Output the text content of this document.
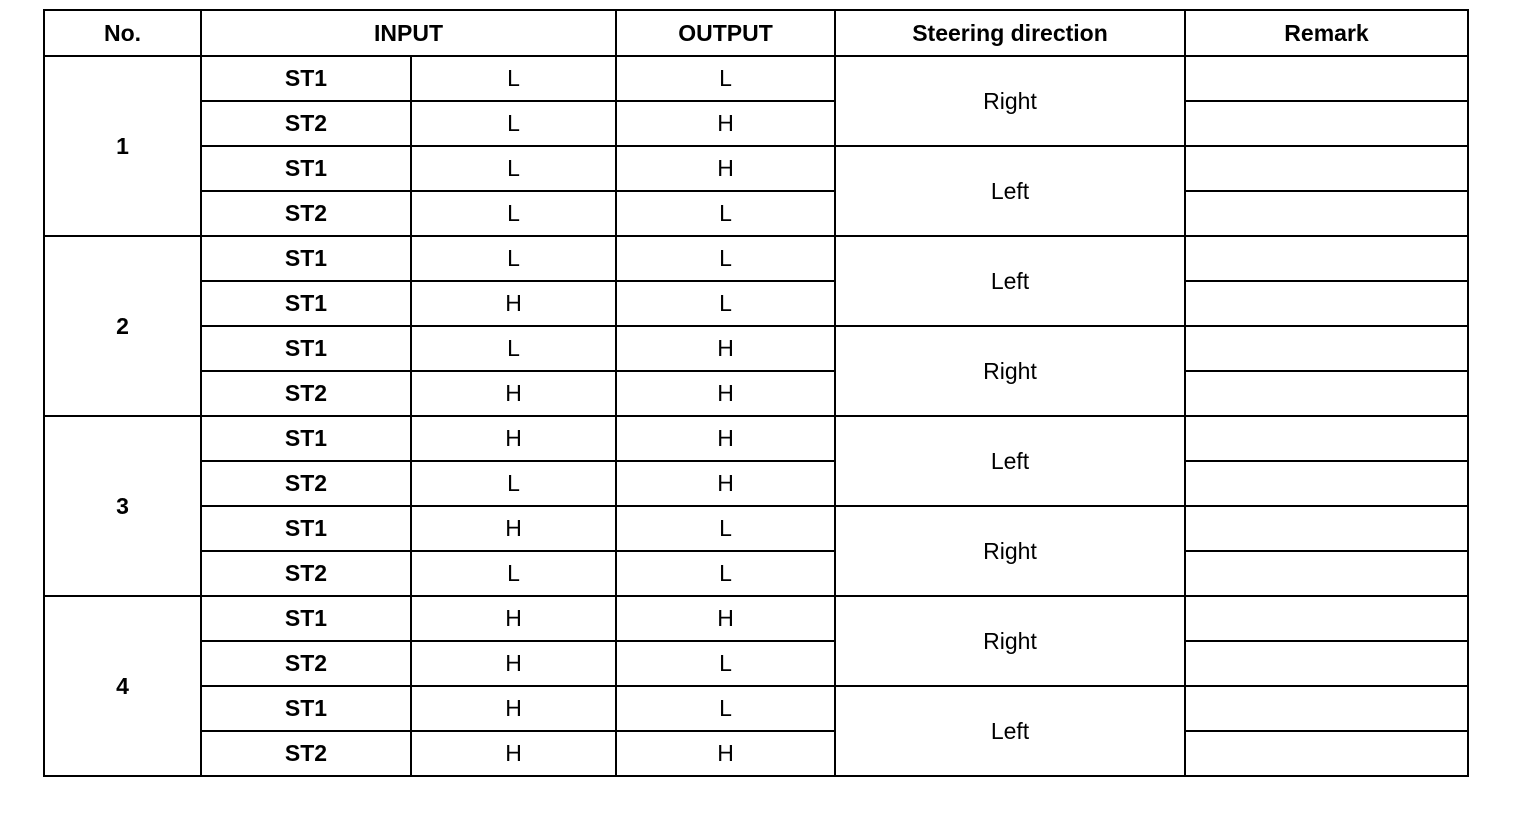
No.	INPUT		OUTPUT	Steering direction	Remark
1	ST1	L	L	Right	
	ST2	L	H		
	ST1	L	H	Left	
	ST2	L	L		
2	ST1	L	L	Left	
	ST1	H	L		
	ST1	L	H	Right	
	ST2	H	H		
3	ST1	H	H	Left	
	ST2	L	H		
	ST1	H	L	Right	
	ST2	L	L		
4	ST1	H	H	Right	
	ST2	H	L		
	ST1	H	L	Left	
	ST2	H	H		
